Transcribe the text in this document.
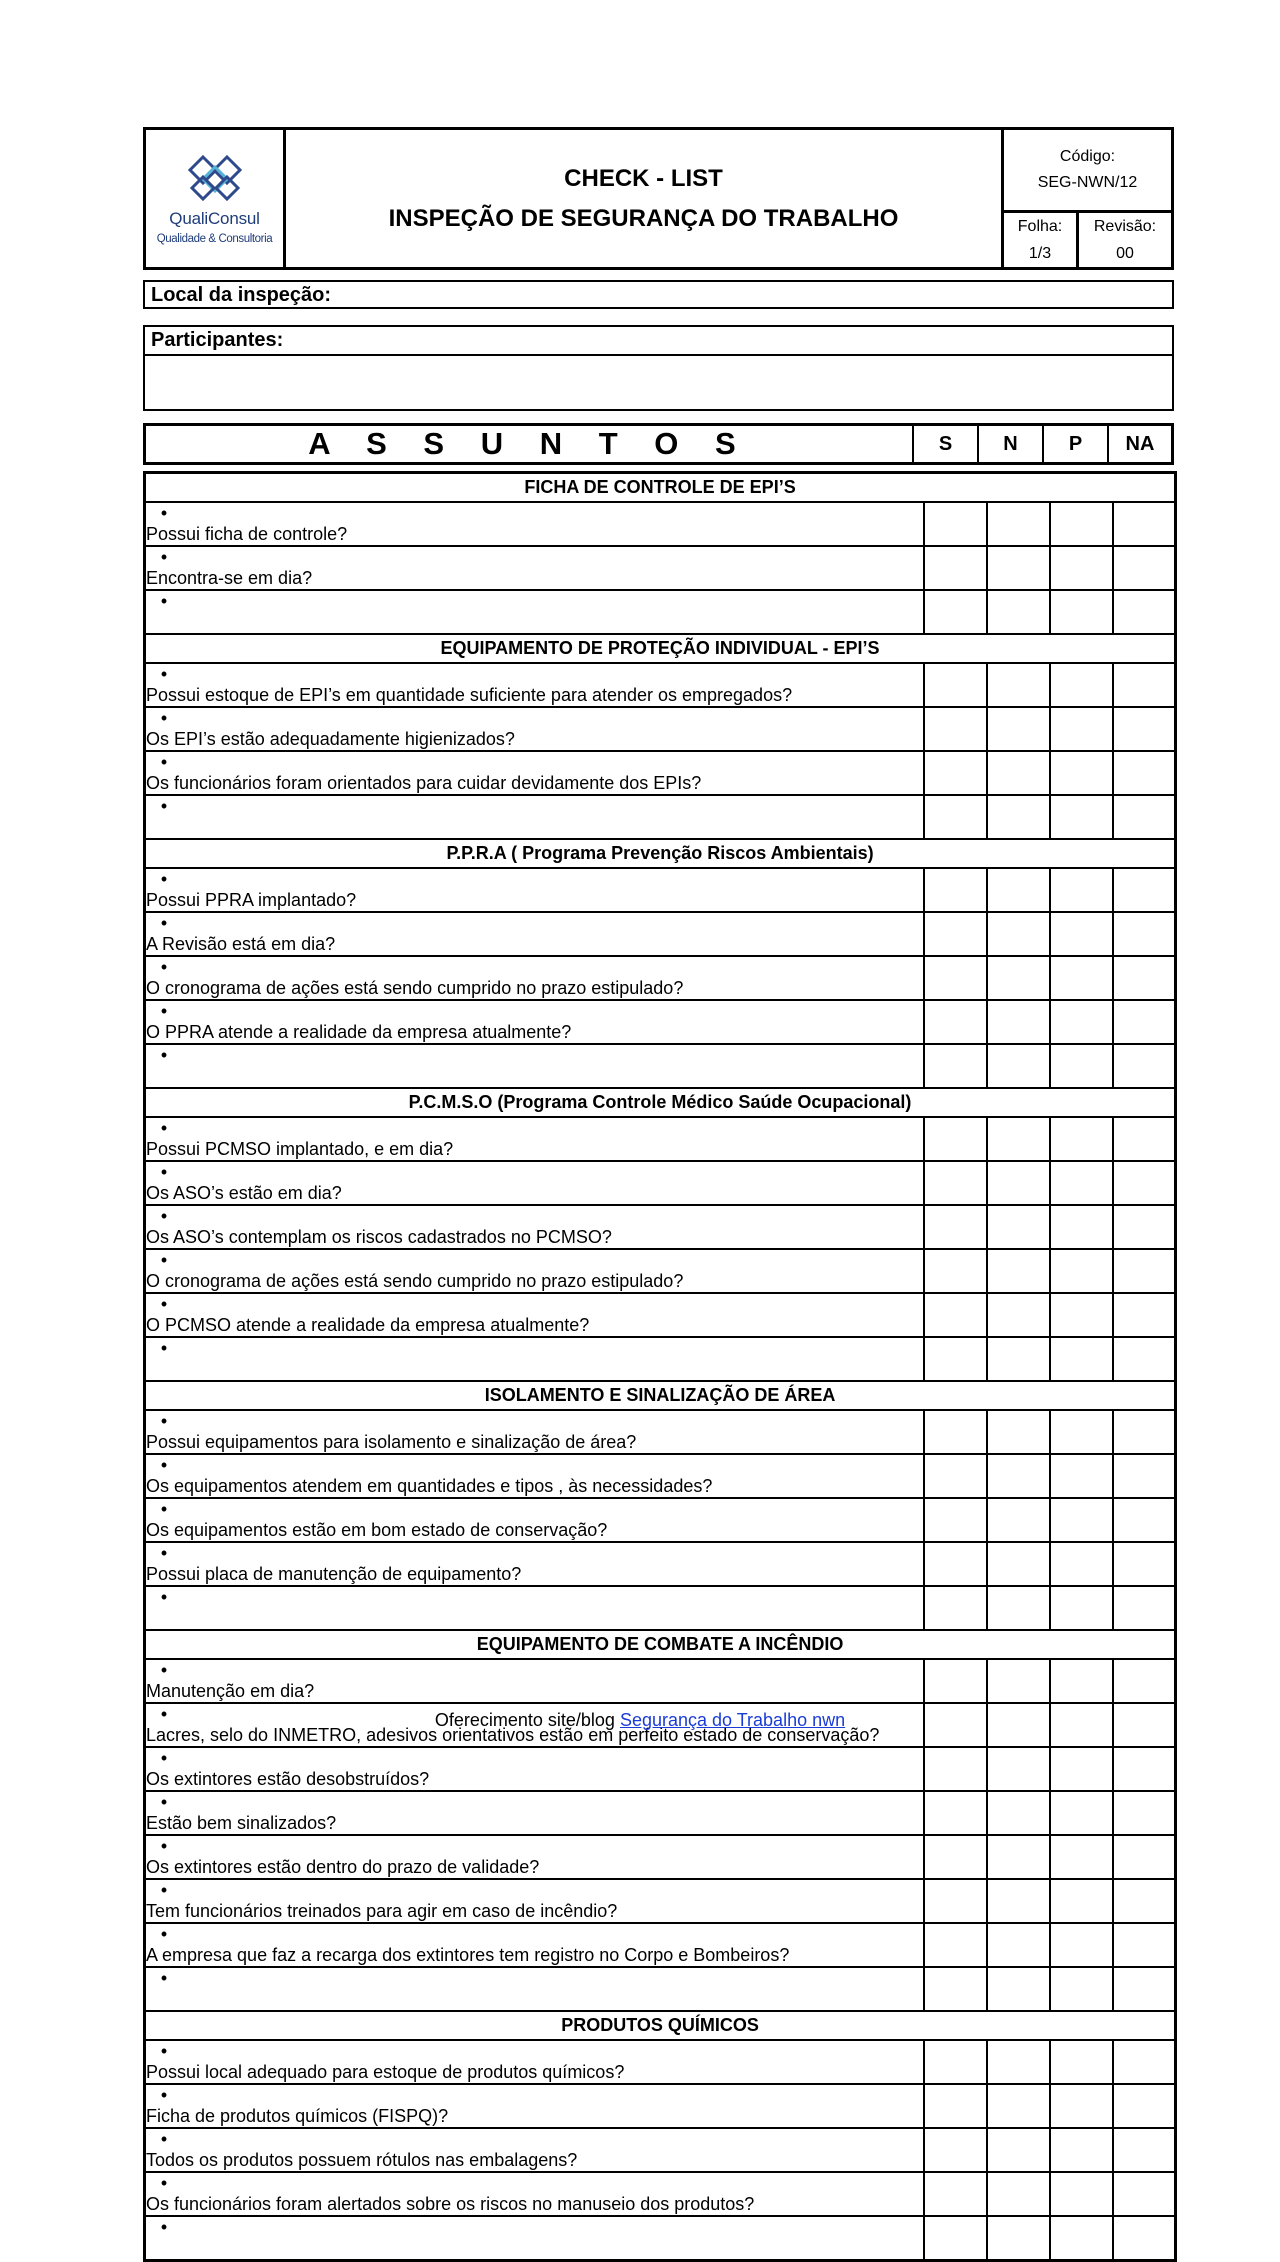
QualiConsul
Qualidade & Consultoria
CHECK - LIST
INSPEÇÃO DE SEGURANÇA DO TRABALHO
Código:
SEG-NWN/12
Folha:
1/3
Revisão:
00
Local da inspeção:
Participantes:
A S S U N T O S	S	N	P	NA
FICHA DE CONTROLE DE EPI’S				
•Possui ficha de controle?				
•Encontra-se em dia?				
•				
EQUIPAMENTO DE PROTEÇÃO INDIVIDUAL - EPI’S				
•Possui estoque de EPI’s em quantidade suficiente para atender os empregados?				
•Os EPI’s estão adequadamente higienizados?				
•Os funcionários foram orientados para cuidar devidamente dos EPIs?				
•				
P.P.R.A ( Programa Prevenção Riscos Ambientais)				
•Possui PPRA implantado?				
•A Revisão está em dia?				
•O cronograma de ações está sendo cumprido no prazo estipulado?				
•O PPRA atende a realidade da empresa atualmente?				
•				
P.C.M.S.O (Programa Controle Médico Saúde Ocupacional)				
•Possui PCMSO implantado, e em dia?				
•Os ASO’s estão em dia?				
•Os ASO’s contemplam os riscos cadastrados no PCMSO?				
•O cronograma de ações está sendo cumprido no prazo estipulado?				
•O PCMSO atende a realidade da empresa atualmente?				
•				
ISOLAMENTO E SINALIZAÇÃO DE ÁREA				
•Possui equipamentos para isolamento e sinalização de área?				
•Os equipamentos atendem em quantidades e tipos , às necessidades?				
•Os equipamentos estão em bom estado de conservação?				
•Possui placa de manutenção de equipamento?				
•				
EQUIPAMENTO DE COMBATE A INCÊNDIO				
•Manutenção em dia?				
•Lacres, selo do INMETRO, adesivos orientativos estão em perfeito estado de conservação?				
•Os extintores estão desobstruídos?				
•Estão bem sinalizados?				
•Os extintores estão dentro do prazo de validade?				
•Tem funcionários treinados para agir em caso de incêndio?				
•A empresa que faz a recarga dos extintores tem registro no Corpo e Bombeiros?				
•				
PRODUTOS QUÍMICOS				
•Possui local adequado para estoque de produtos químicos?				
•Ficha de produtos químicos (FISPQ)?				
•Todos os produtos possuem rótulos nas embalagens?				
•Os funcionários foram alertados sobre os riscos no manuseio dos produtos?				
•				
Oferecimento site/blog Segurança do Trabalho nwn
